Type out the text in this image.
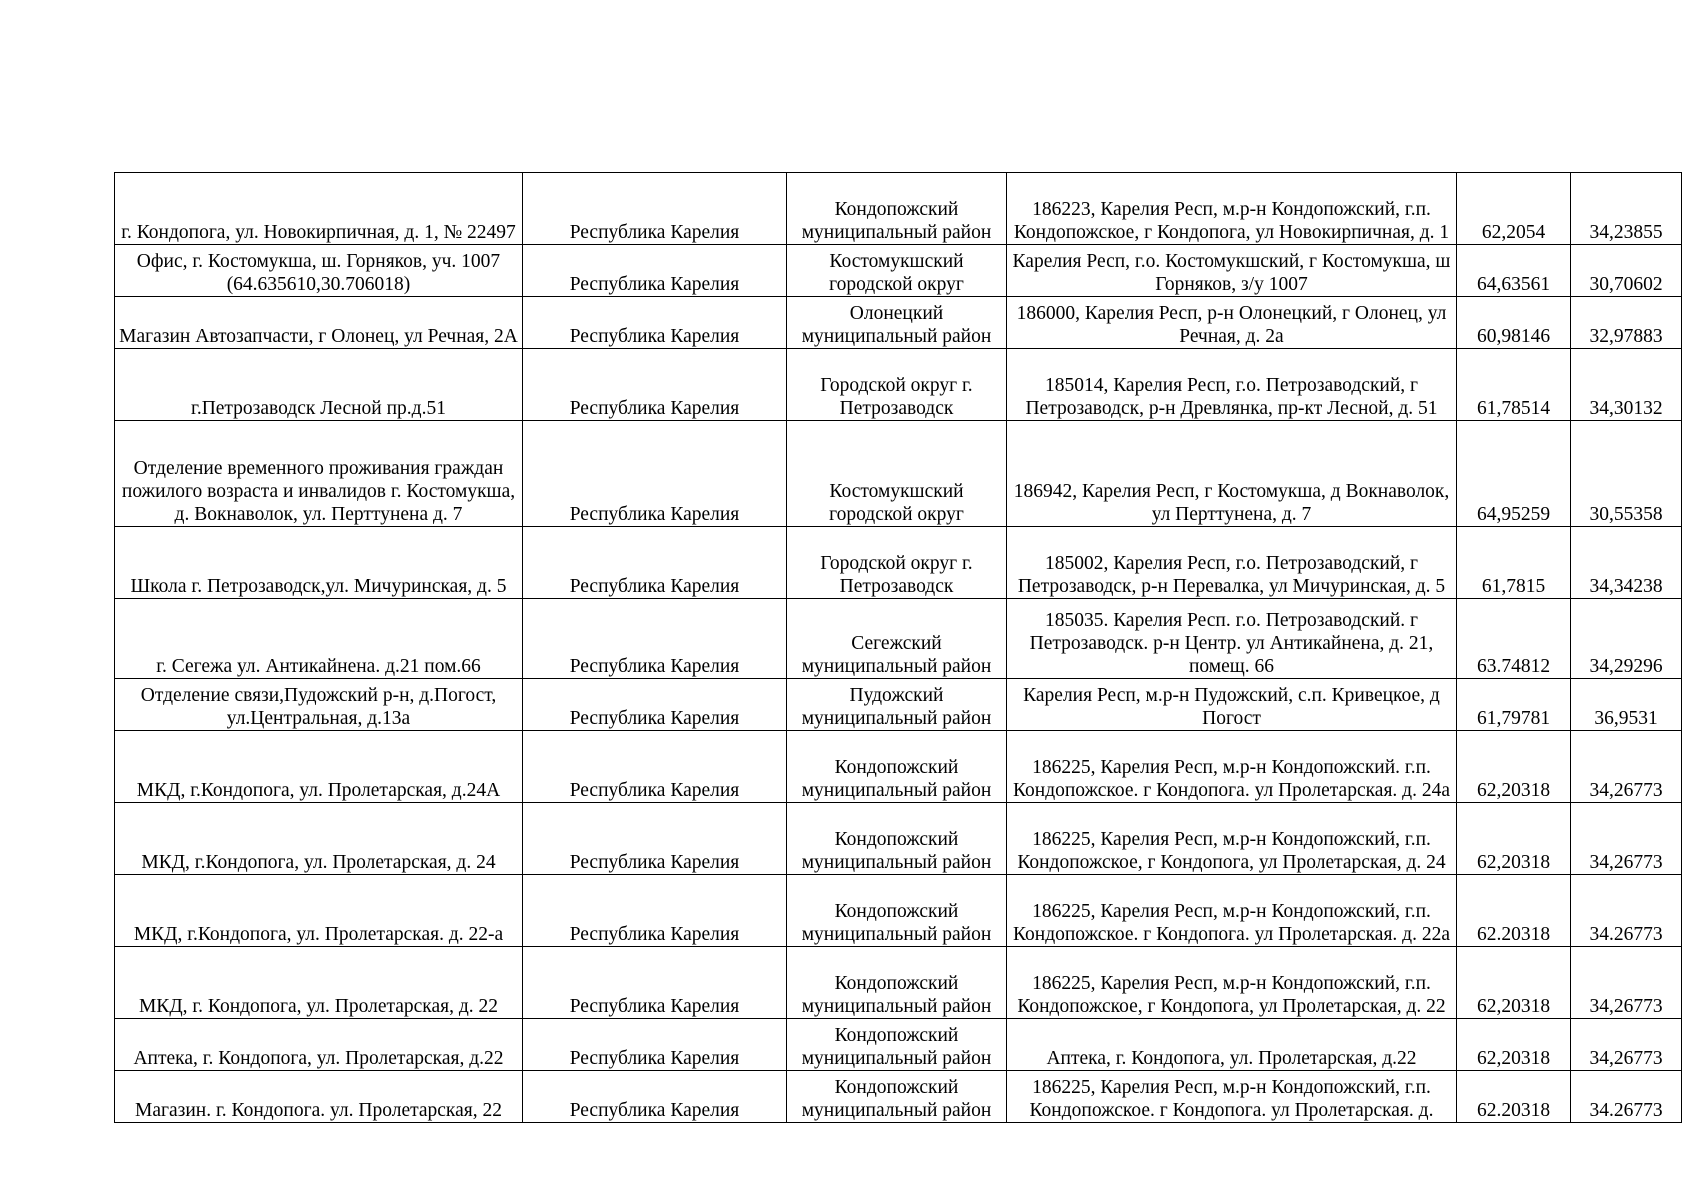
г. Кондопога, ул. Новокирпичная, д. 1, № 22497	Республика Карелия	Кондопожский муниципальный район	186223, Карелия Респ, м.р-н Кондопожский, г.п. Кондопожское, г Кондопога, ул Новокирпичная, д. 1	62,2054	34,23855
Офис, г. Костомукша, ш. Горняков, уч. 1007 (64.635610,30.706018)	Республика Карелия	Костомукшский городской округ	Карелия Респ, г.о. Костомукшский, г Костомукша, ш Горняков, з/у 1007	64,63561	30,70602
Магазин Автозапчасти, г Олонец, ул Речная, 2А	Республика Карелия	Олонецкий муниципальный район	186000, Карелия Респ, р-н Олонецкий, г Олонец, ул Речная, д. 2а	60,98146	32,97883
г.Петрозаводск Лесной пр.д.51	Республика Карелия	Городской округ г. Петрозаводск	185014, Карелия Респ, г.о. Петрозаводский, г Петрозаводск, р-н Древлянка, пр-кт Лесной, д. 51	61,78514	34,30132
Отделение временного проживания граждан пожилого возраста и инвалидов г. Костомукша, д. Вокнаволок, ул. Перттунена д. 7	Республика Карелия	Костомукшский городской округ	186942, Карелия Респ, г Костомукша, д Вокнаволок, ул Перттунена, д. 7	64,95259	30,55358
Школа г. Петрозаводск,ул. Мичуринская, д. 5	Республика Карелия	Городской округ г. Петрозаводск	185002, Карелия Респ, г.о. Петрозаводский, г Петрозаводск, р-н Перевалка, ул Мичуринская, д. 5	61,7815	34,34238
г. Сегежа ул. Антикайнена. д.21 пом.66	Республика Карелия	Сегежский муниципальный район	185035. Карелия Респ. г.о. Петрозаводский. г Петрозаводск. р-н Центр. ул Антикайнена, д. 21, помещ. 66	63.74812	34,29296
Отделение связи,Пудожский р-н, д.Погост, ул.Центральная, д.13а	Республика Карелия	Пудожский муниципальный район	Карелия Респ, м.р-н Пудожский, с.п. Кривецкое, д Погост	61,79781	36,9531
МКД, г.Кондопога, ул. Пролетарская, д.24А	Республика Карелия	Кондопожский муниципальный район	186225, Карелия Респ, м.р-н Кондопожский. г.п. Кондопожское. г Кондопога. ул Пролетарская. д. 24а	62,20318	34,26773
МКД, г.Кондопога, ул. Пролетарская, д. 24	Республика Карелия	Кондопожский муниципальный район	186225, Карелия Респ, м.р-н Кондопожский, г.п. Кондопожское, г Кондопога, ул Пролетарская, д. 24	62,20318	34,26773
МКД, г.Кондопога, ул. Пролетарская. д. 22-а	Республика Карелия	Кондопожский муниципальный район	186225, Карелия Респ, м.р-н Кондопожский, г.п. Кондопожское. г Кондопога. ул Пролетарская. д. 22а	62.20318	34.26773
МКД, г. Кондопога, ул. Пролетарская, д. 22	Республика Карелия	Кондопожский муниципальный район	186225, Карелия Респ, м.р-н Кондопожский, г.п. Кондопожское, г Кондопога, ул Пролетарская, д. 22	62,20318	34,26773
Аптека, г. Кондопога, ул. Пролетарская, д.22	Республика Карелия	Кондопожский муниципальный район	Аптека, г. Кондопога, ул. Пролетарская, д.22	62,20318	34,26773
Магазин. г. Кондопога. ул. Пролетарская, 22	Республика Карелия	Кондопожский муниципальный район	186225, Карелия Респ, м.р-н Кондопожский, г.п. Кондопожское. г Кондопога. ул Пролетарская. д.	62.20318	34.26773
